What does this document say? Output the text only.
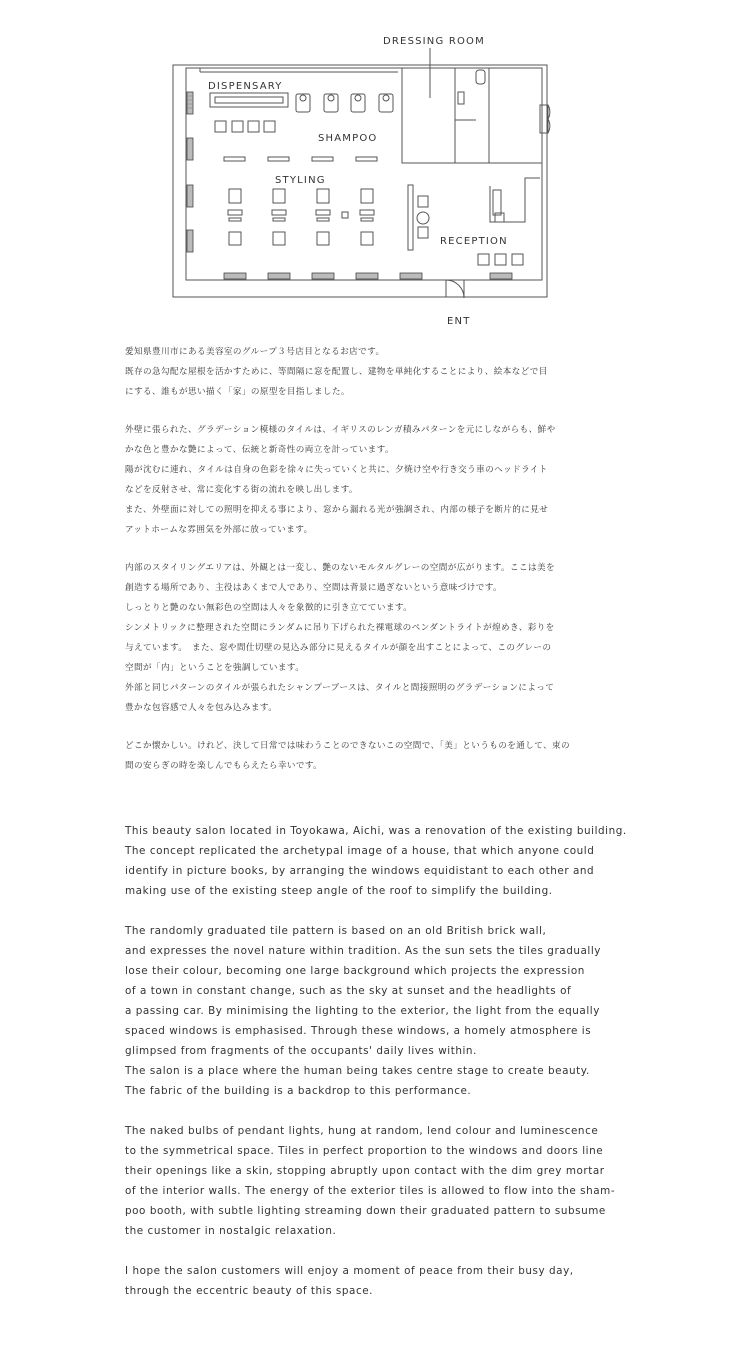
DRESSING ROOM
DISPENSARY
SHAMPOO
STYLING
RECEPTION
ENT

愛知県豊川市にある美容室のグループ３号店目となるお店です。
既存の急勾配な屋根を活かすために、等間隔に窓を配置し、建物を単純化することにより、絵本などで目
にする、誰もが思い描く「家」の原型を目指しました。

外壁に張られた、グラデーション模様のタイルは、イギリスのレンガ積みパターンを元にしながらも、鮮や
かな色と豊かな艶によって、伝統と新奇性の両立を計っています。
陽が沈むに連れ、タイルは自身の色彩を徐々に失っていくと共に、夕焼け空や行き交う車のヘッドライト
などを反射させ、常に変化する街の流れを映し出します。
また、外壁面に対しての照明を抑える事により、窓から漏れる光が強調され、内部の様子を断片的に見せ
アットホームな雰囲気を外部に放っています。

内部のスタイリングエリアは、外観とは一変し、艶のないモルタルグレーの空間が広がります。ここは美を
創造する場所であり、主役はあくまで人であり、空間は背景に過ぎないという意味づけです。
しっとりと艶のない無彩色の空間は人々を象徴的に引き立てています。
シンメトリックに整理された空間にランダムに吊り下げられた裸電球のペンダントライトが煌めき、彩りを
与えています。　また、窓や間仕切壁の見込み部分に見えるタイルが顔を出すことによって、このグレーの
空間が「内」ということを強調しています。
外部と同じパターンのタイルが張られたシャンプーブースは、タイルと間接照明のグラデーションによって
豊かな包容感で人々を包み込みます。

どこか懐かしい。けれど、決して日常では味わうことのできないこの空間で、「美」というものを通して、束の
間の安らぎの時を楽しんでもらえたら幸いです。

This beauty salon located in Toyokawa, Aichi, was a renovation of the existing building.
The concept replicated the archetypal image of a house, that which anyone could
identify in picture books, by arranging the windows equidistant to each other and
making use of the existing steep angle of the roof to simplify the building.

The randomly graduated tile pattern is based on an old British brick wall,
and expresses the novel nature within tradition. As the sun sets the tiles gradually
lose their colour, becoming one large background which projects the expression
of a town in constant change, such as the sky at sunset and the headlights of
a passing car. By minimising the lighting to the exterior, the light from the equally
spaced windows is emphasised. Through these windows, a homely atmosphere is
glimpsed from fragments of the occupants' daily lives within.
The salon is a place where the human being takes centre stage to create beauty.
The fabric of the building is a backdrop to this performance.

The naked bulbs of pendant lights, hung at random, lend colour and luminescence
to the symmetrical space. Tiles in perfect proportion to the windows and doors line
their openings like a skin, stopping abruptly upon contact with the dim grey mortar
of the interior walls. The energy of the exterior tiles is allowed to flow into the sham-
poo booth, with subtle lighting streaming down their graduated pattern to subsume
the customer in nostalgic relaxation.

I hope the salon customers will enjoy a moment of peace from their busy day,
through the eccentric beauty of this space.
